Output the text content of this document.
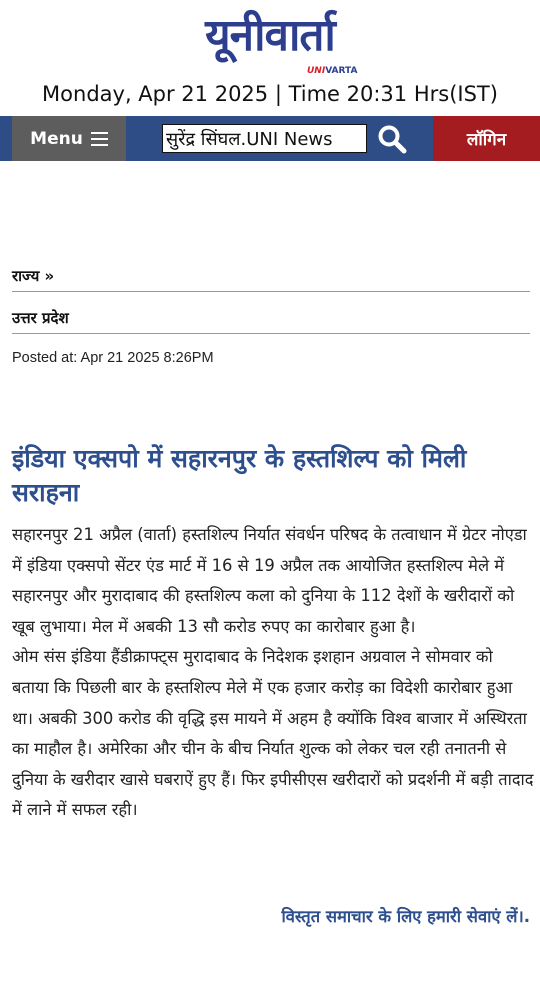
यूनीवार्ता
UNIVARTA
Monday, Apr 21 2025 | Time 20:31 Hrs(IST)
Menu
सुरेंद्र सिंघल.UNI News	लॉगिन
राज्य »
उत्तर प्रदेश
Posted at: Apr 21 2025 8:26PM
इंडिया एक्सपो में सहारनपुर के हस्तशिल्प को मिली सराहना
सहारनपुर 21 अप्रैल (वार्ता) हस्तशिल्प निर्यात संवर्धन परिषद के तत्वाधान में ग्रेटर नोएडा में इंडिया एक्सपो सेंटर एंड मार्ट में 16 से 19 अप्रैल तक आयोजित हस्तशिल्प मेले में सहारनपुर और मुरादाबाद की हस्तशिल्प कला को दुनिया के 112 देशों के खरीदारों को खूब लुभाया। मेल में अबकी 13 सौ करोड रुपए का कारोबार हुआ है।
ओम संस इंडिया हैंडीक्राफ्ट्स मुरादाबाद के निदेशक इशहान अग्रवाल ने सोमवार को बताया कि पिछली बार के हस्तशिल्प मेले में एक हजार करोड़ का विदेशी कारोबार हुआ था। अबकी 300 करोड की वृद्धि इस मायने में अहम है क्योंकि विश्व बाजार में अस्थिरता का माहौल है। अमेरिका और चीन के बीच निर्यात शुल्क को लेकर चल रही तनातनी से दुनिया के खरीदार खासे घबराऐं हुए हैं। फिर इपीसीएस खरीदारों को प्रदर्शनी में बड़ी तादाद में लाने में सफल रही।
विस्तृत समाचार के लिए हमारी सेवाएं लें।.
